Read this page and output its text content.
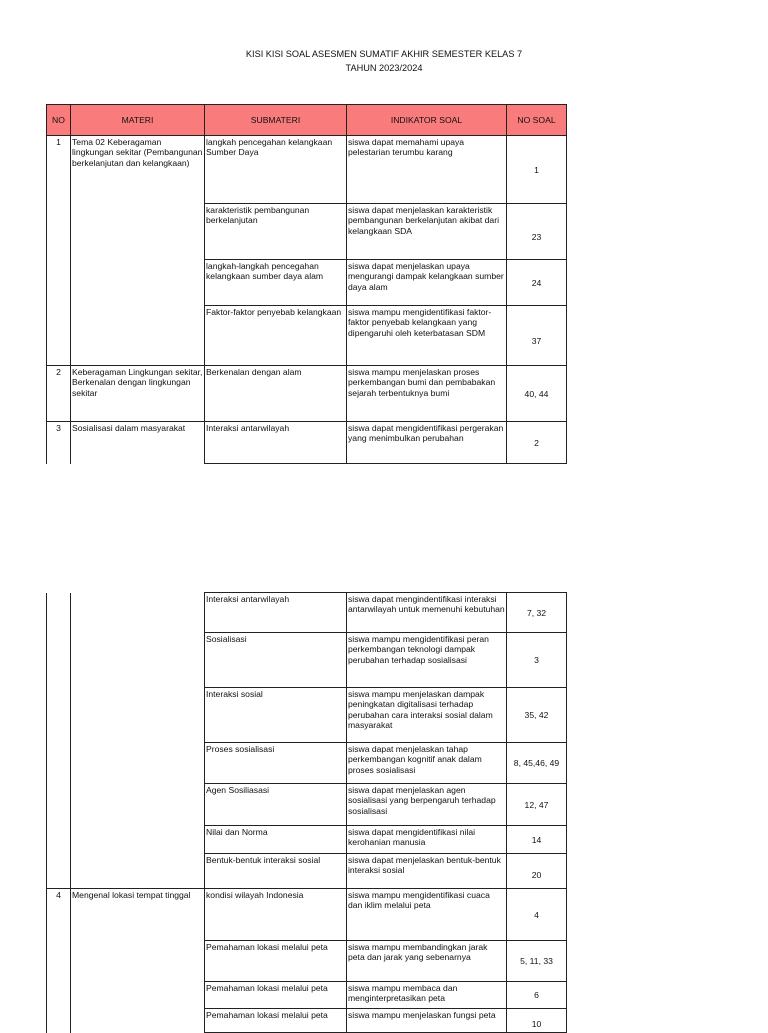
KISI KISI SOAL ASESMEN SUMATIF AKHIR SEMESTER KELAS 7
TAHUN 2023/2024
NO	MATERI	SUBMATERI	INDIKATOR SOAL	NO SOAL
1	Tema 02 Keberagaman lingkungan sekitar (Pembangunan berkelanjutan dan kelangkaan)	langkah pencegahan kelangkaan Sumber Daya	siswa dapat memahami upaya pelestarian terumbu karang	1
		karakteristik pembangunan berkelanjutan	siswa dapat menjelaskan karakteristik pembangunan berkelanjutan akibat dari kelangkaan SDA	23
		langkah-langkah pencegahan kelangkaan sumber daya alam	siswa dapat menjelaskan upaya mengurangi dampak kelangkaan sumber daya alam	24
		Faktor-faktor penyebab kelangkaan	siswa mampu mengidentifikasi faktor-faktor penyebab kelangkaan yang dipengaruhi oleh keterbatasan SDM	37
2	Keberagaman Lingkungan sekitar, Berkenalan dengan lingkungan sekitar	Berkenalan dengan alam	siswa mampu menjelaskan proses perkembangan bumi dan pembabakan sejarah terbentuknya bumi	40, 44
3	Sosialisasi dalam masyarakat	Interaksi antarwilayah	siswa dapat mengidentifikasi pergerakan yang menimbulkan perubahan	2
		Interaksi antarwilayah	siswa dapat mengindentifikasi interaksi antarwilayah untuk memenuhi kebutuhan	7, 32
		Sosialisasi	siswa mampu mengidentifikasi peran perkembangan teknologi dampak perubahan terhadap sosialisasi	3
		Interaksi sosial	siswa mampu menjelaskan dampak peningkatan digitalisasi terhadap perubahan cara interaksi sosial dalam masyarakat	35, 42
		Proses sosialisasi	siswa dapat menjelaskan tahap perkembangan kognitif anak dalam proses sosialisasi	8, 45,46, 49
		Agen Sosiliasasi	siswa dapat menjelaskan agen sosialisasi yang berpengaruh terhadap sosialisasi	12, 47
		Nilai dan Norma	siswa dapat mengidentifikasi nilai kerohanian manusia	14
		Bentuk-bentuk interaksi sosial	siswa dapat menjelaskan bentuk-bentuk interaksi sosial	20
4	Mengenal lokasi tempat tinggal	kondisi wilayah Indonesia	siswa mampu mengidentifikasi cuaca dan iklim melalui peta	4
		Pemahaman lokasi melalui peta	siswa mampu membandingkan jarak peta dan jarak yang sebenarnya	5, 11, 33
		Pemahaman lokasi melalui peta	siswa mampu membaca dan menginterpretasikan peta	6
		Pemahaman lokasi melalui peta	siswa mampu menjelaskan fungsi peta	10
